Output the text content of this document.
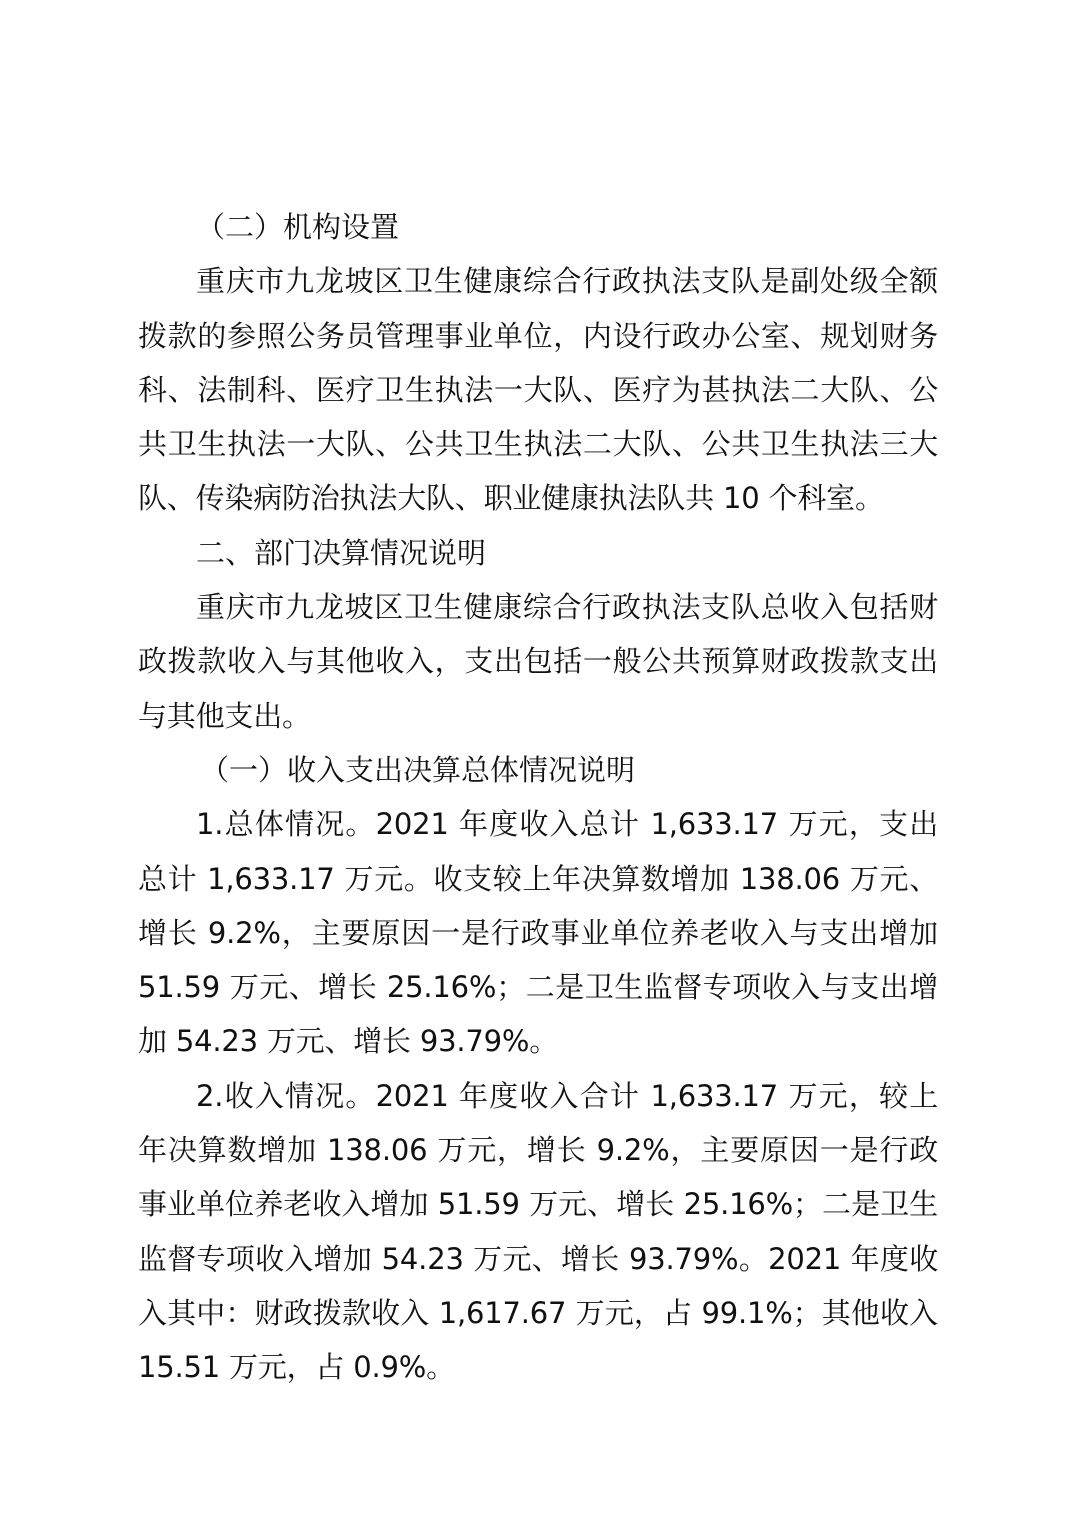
（二）机构设置

重庆市九龙坡区卫生健康综合行政执法支队是副处级全额拨款的参照公务员管理事业单位，内设行政办公室、规划财务科、法制科、医疗卫生执法一大队、医疗为甚执法二大队、公共卫生执法一大队、公共卫生执法二大队、公共卫生执法三大队、传染病防治执法大队、职业健康执法队共 10 个科室。

二、部门决算情况说明

重庆市九龙坡区卫生健康综合行政执法支队总收入包括财政拨款收入与其他收入，支出包括一般公共预算财政拨款支出与其他支出。

（一）收入支出决算总体情况说明

1.总体情况。2021 年度收入总计 1,633.17 万元，支出总计 1,633.17 万元。收支较上年决算数增加 138.06 万元、增长 9.2%，主要原因一是行政事业单位养老收入与支出增加 51.59 万元、增长 25.16%；二是卫生监督专项收入与支出增加 54.23 万元、增长 93.79%。

2.收入情况。2021 年度收入合计 1,633.17 万元，较上年决算数增加 138.06 万元，增长 9.2%，主要原因一是行政事业单位养老收入增加 51.59 万元、增长 25.16%；二是卫生监督专项收入增加 54.23 万元、增长 93.79%。2021 年度收入其中：财政拨款收入 1,617.67 万元，占 99.1%；其他收入 15.51 万元，占 0.9%。
